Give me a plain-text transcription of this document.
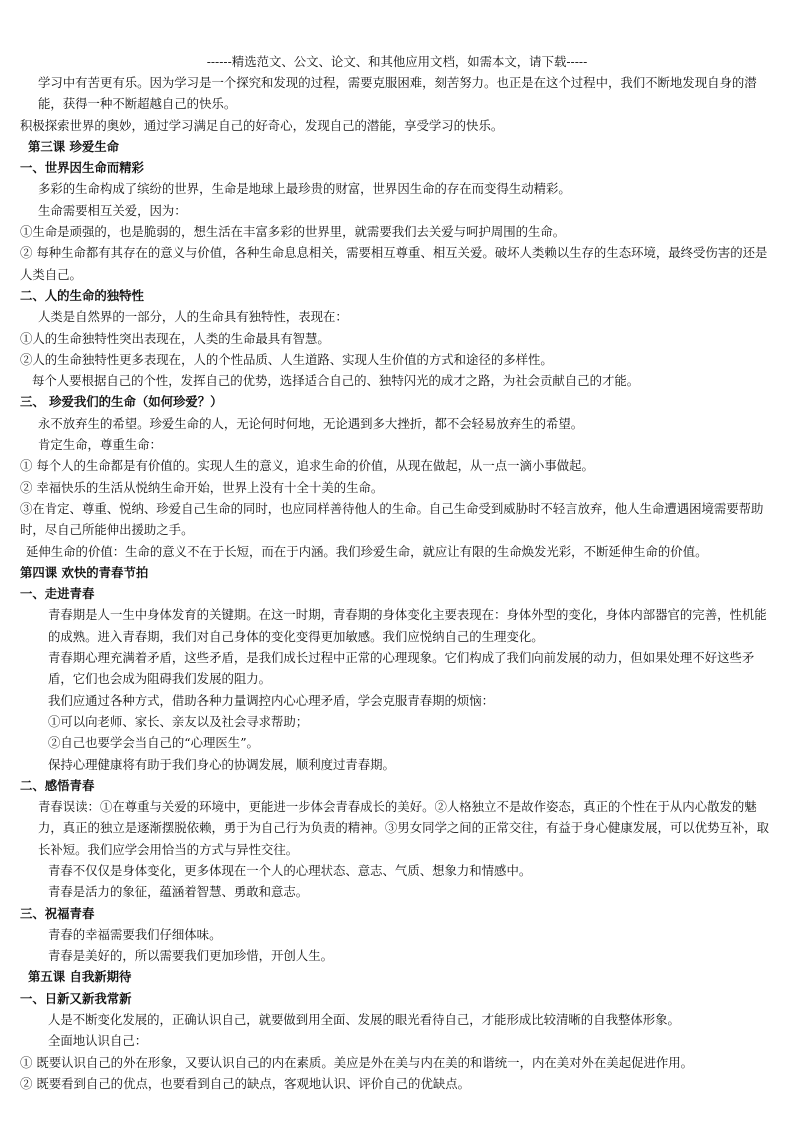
------精选范文、公文、论文、和其他应用文档，如需本文，请下载-----
学习中有苦更有乐。因为学习是一个探究和发现的过程，需要克服困难，刻苦努力。也正是在这个过程中，我们不断地发现自身的潜能，获得一种不断超越自己的快乐。
积极探索世界的奥妙，通过学习满足自己的好奇心，发现自己的潜能，享受学习的快乐。
第三课 珍爱生命
一、世界因生命而精彩
多彩的生命构成了缤纷的世界，生命是地球上最珍贵的财富，世界因生命的存在而变得生动精彩。
生命需要相互关爱，因为：
①生命是顽强的，也是脆弱的，想生活在丰富多彩的世界里，就需要我们去关爱与呵护周围的生命。
② 每种生命都有其存在的意义与价值，各种生命息息相关，需要相互尊重、相互关爱。破坏人类赖以生存的生态环境，最终受伤害的还是人类自己。
二、人的生命的独特性
人类是自然界的一部分，人的生命具有独特性，表现在：
①人的生命独特性突出表现在，人类的生命最具有智慧。
②人的生命独特性更多表现在，人的个性品质、人生道路、实现人生价值的方式和途径的多样性。
每个人要根据自己的个性，发挥自己的优势，选择适合自己的、独特闪光的成才之路，为社会贡献自己的才能。
三、 珍爱我们的生命（如何珍爱？）
永不放弃生的希望。珍爱生命的人，无论何时何地，无论遇到多大挫折，都不会轻易放弃生的希望。
肯定生命，尊重生命：
① 每个人的生命都是有价值的。实现人生的意义，追求生命的价值，从现在做起，从一点一滴小事做起。
② 幸福快乐的生活从悦纳生命开始，世界上没有十全十美的生命。
③在肯定、尊重、悦纳、珍爱自己生命的同时，也应同样善待他人的生命。自己生命受到威胁时不轻言放弃，他人生命遭遇困境需要帮助时，尽自己所能伸出援助之手。
延伸生命的价值：生命的意义不在于长短，而在于内涵。我们珍爱生命，就应让有限的生命焕发光彩，不断延伸生命的价值。
第四课 欢快的青春节拍
一、走进青春
青春期是人一生中身体发育的关键期。在这一时期，青春期的身体变化主要表现在：身体外型的变化，身体内部器官的完善，性机能的成熟。进入青春期，我们对自己身体的变化变得更加敏感。我们应悦纳自己的生理变化。
青春期心理充满着矛盾，这些矛盾，是我们成长过程中正常的心理现象。它们构成了我们向前发展的动力，但如果处理不好这些矛盾，它们也会成为阻碍我们发展的阻力。
我们应通过各种方式，借助各种力量调控内心心理矛盾，学会克服青春期的烦恼：
①可以向老师、家长、亲友以及社会寻求帮助；
②自己也要学会当自己的“心理医生”。
保持心理健康将有助于我们身心的协调发展，顺利度过青春期。
二、感悟青春
青春误读：①在尊重与关爱的环境中，更能进一步体会青春成长的美好。②人格独立不是故作姿态，真正的个性在于从内心散发的魅力，真正的独立是逐渐摆脱依赖，勇于为自己行为负责的精神。③男女同学之间的正常交往，有益于身心健康发展，可以优势互补，取长补短。我们应学会用恰当的方式与异性交往。
青春不仅仅是身体变化，更多体现在一个人的心理状态、意志、气质、想象力和情感中。
青春是活力的象征，蕴涵着智慧、勇敢和意志。
三、祝福青春
青春的幸福需要我们仔细体味。
青春是美好的，所以需要我们更加珍惜，开创人生。
第五课 自我新期待
一、日新又新我常新
人是不断变化发展的，正确认识自己，就要做到用全面、发展的眼光看待自己，才能形成比较清晰的自我整体形象。
全面地认识自己：
① 既要认识自己的外在形象，又要认识自己的内在素质。美应是外在美与内在美的和谐统一，内在美对外在美起促进作用。
② 既要看到自己的优点，也要看到自己的缺点，客观地认识、评价自己的优缺点。
